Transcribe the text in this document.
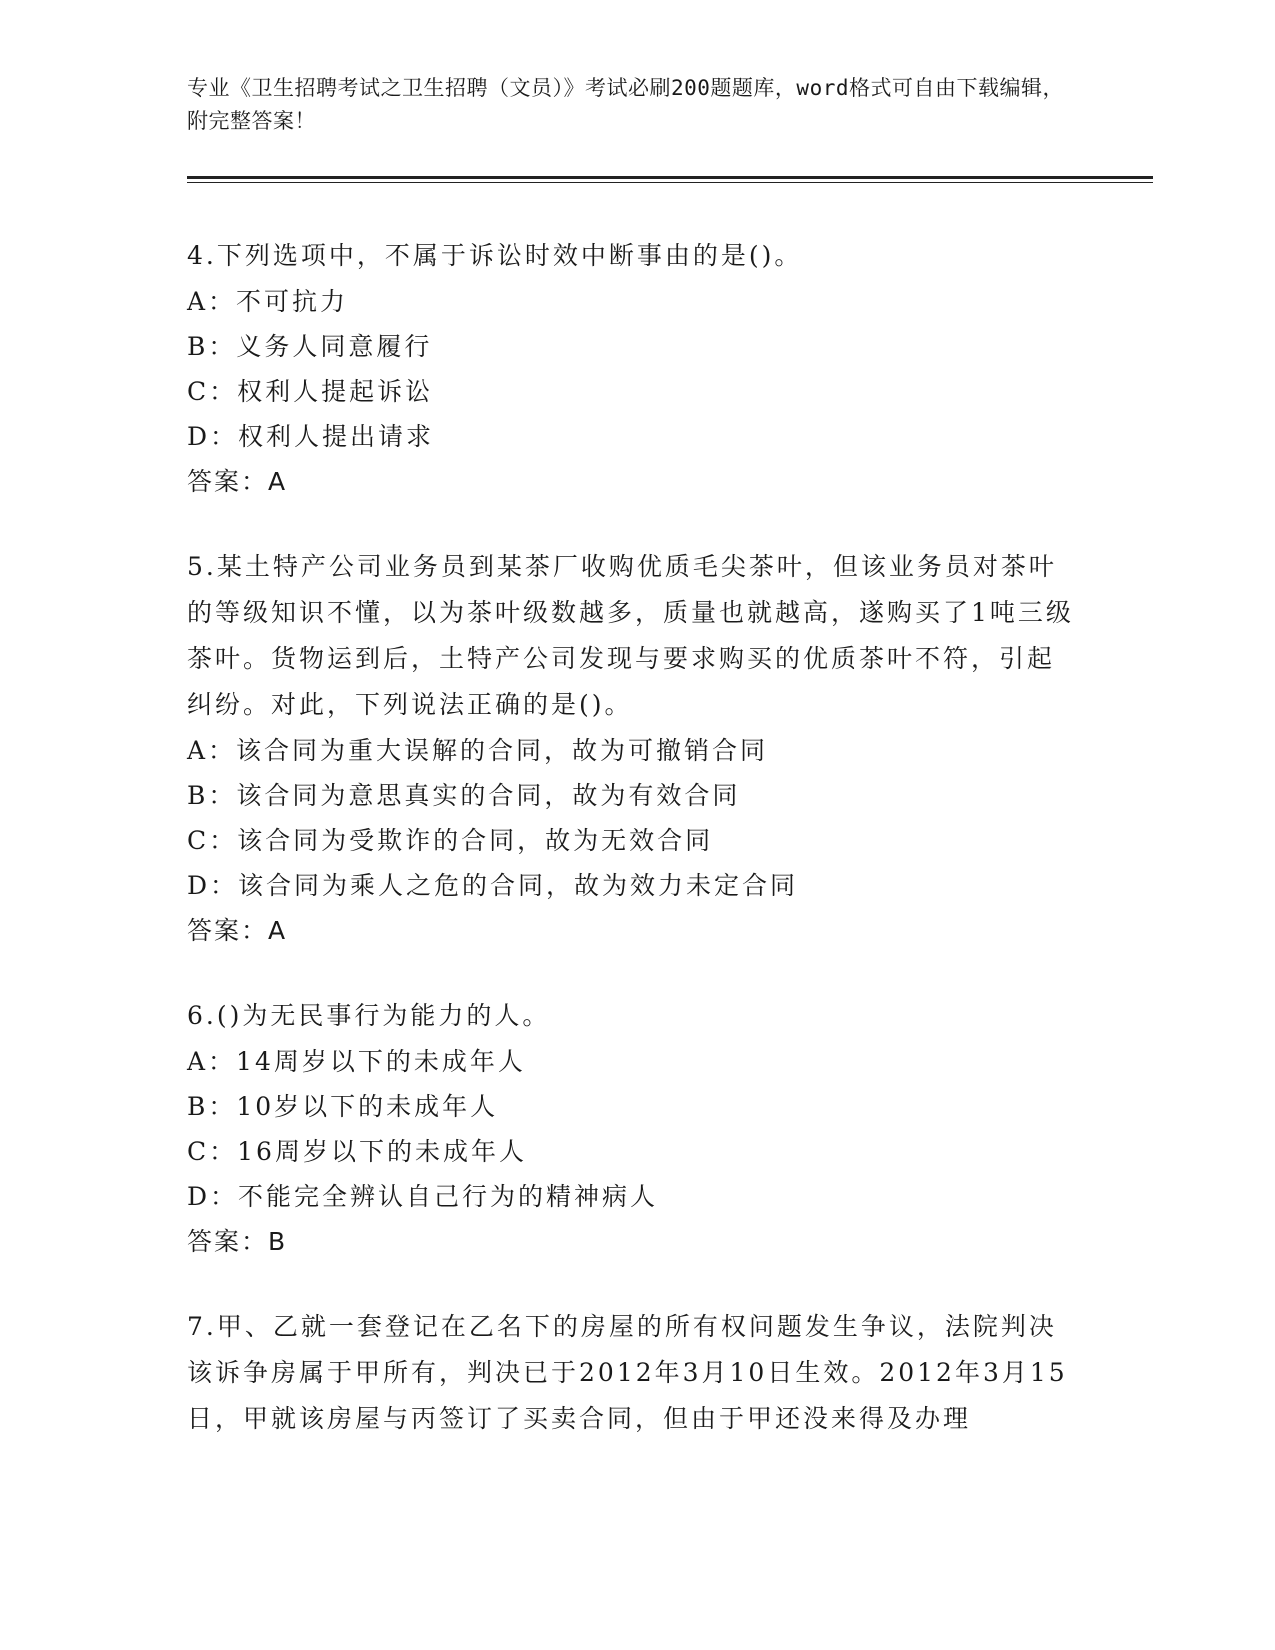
专业《卫生招聘考试之卫生招聘（文员）》考试必刷200题题库，word格式可自由下载编辑，附完整答案！
4.下列选项中，不属于诉讼时效中断事由的是()。
A：不可抗力
B：义务人同意履行
C：权利人提起诉讼
D：权利人提出请求
答案：A
5.某土特产公司业务员到某茶厂收购优质毛尖茶叶，但该业务员对茶叶的等级知识不懂，以为茶叶级数越多，质量也就越高，遂购买了1吨三级茶叶。货物运到后，土特产公司发现与要求购买的优质茶叶不符，引起纠纷。对此，下列说法正确的是()。
A：该合同为重大误解的合同，故为可撤销合同
B：该合同为意思真实的合同，故为有效合同
C：该合同为受欺诈的合同，故为无效合同
D：该合同为乘人之危的合同，故为效力未定合同
答案：A
6.()为无民事行为能力的人。
A：14周岁以下的未成年人
B：10岁以下的未成年人
C：16周岁以下的未成年人
D：不能完全辨认自己行为的精神病人
答案：B
7.甲、乙就一套登记在乙名下的房屋的所有权问题发生争议，法院判决该诉争房属于甲所有，判决已于2012年3月10日生效。2012年3月15日，甲就该房屋与丙签订了买卖合同，但由于甲还没来得及办理
